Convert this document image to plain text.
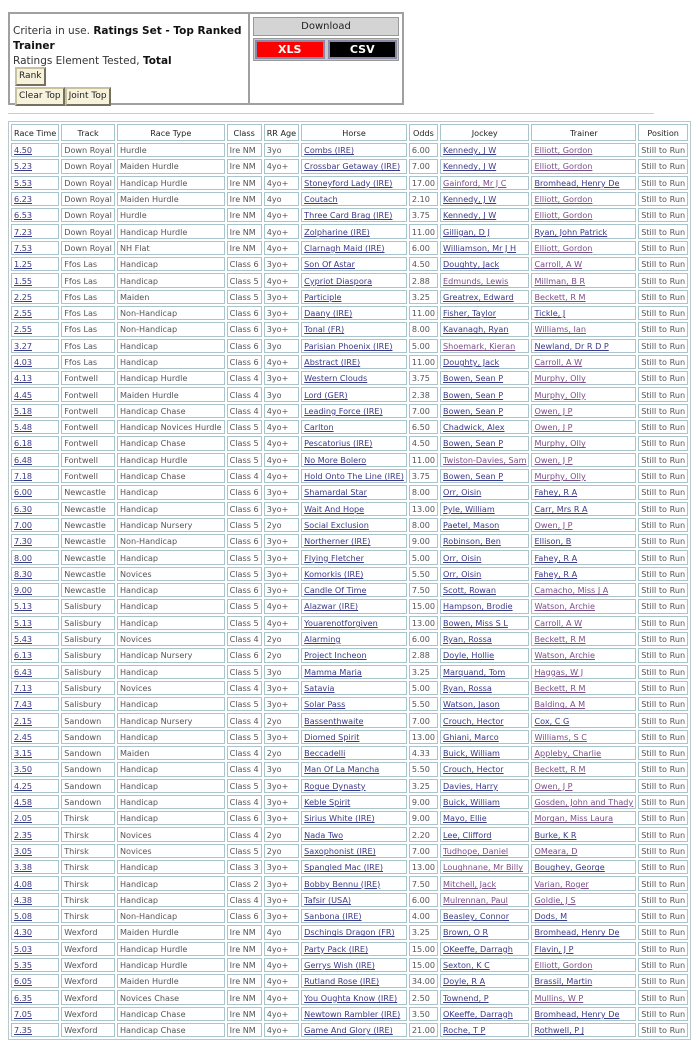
Criteria in use. Ratings Set - Top Ranked Trainer
Ratings Element Tested, Total
Rank
Clear Top Joint Top
Download
XLS	CSV
Race Time	Track	Race Type	Class	RR Age	Horse	Odds	Jockey	Trainer	Position
4.50	Down Royal	Hurdle	Ire NM	3yo	Combs (IRE)	6.00	Kennedy, J W	Elliott, Gordon	Still to Run
5.23	Down Royal	Maiden Hurdle	Ire NM	4yo+	Crossbar Getaway (IRE)	7.00	Kennedy, J W	Elliott, Gordon	Still to Run
5.53	Down Royal	Handicap Hurdle	Ire NM	4yo+	Stoneyford Lady (IRE)	17.00	Gainford, Mr J C	Bromhead, Henry De	Still to Run
6.23	Down Royal	Maiden Hurdle	Ire NM	4yo	Coutach	2.10	Kennedy, J W	Elliott, Gordon	Still to Run
6.53	Down Royal	Hurdle	Ire NM	4yo+	Three Card Brag (IRE)	3.75	Kennedy, J W	Elliott, Gordon	Still to Run
7.23	Down Royal	Handicap Hurdle	Ire NM	4yo+	Zolpharine (IRE)	11.00	Gilligan, D J	Ryan, John Patrick	Still to Run
7.53	Down Royal	NH Flat	Ire NM	4yo+	Clarnagh Maid (IRE)	6.00	Williamson, Mr J H	Elliott, Gordon	Still to Run
1.25	Ffos Las	Handicap	Class 6	3yo+	Son Of Astar	4.50	Doughty, Jack	Carroll, A W	Still to Run
1.55	Ffos Las	Handicap	Class 5	4yo+	Cypriot Diaspora	2.88	Edmunds, Lewis	Millman, B R	Still to Run
2.25	Ffos Las	Maiden	Class 5	3yo+	Participle	3.25	Greatrex, Edward	Beckett, R M	Still to Run
2.55	Ffos Las	Non-Handicap	Class 6	3yo+	Daany (IRE)	11.00	Fisher, Taylor	Tickle, J	Still to Run
2.55	Ffos Las	Non-Handicap	Class 6	3yo+	Tonal (FR)	8.00	Kavanagh, Ryan	Williams, Ian	Still to Run
3.27	Ffos Las	Handicap	Class 6	3yo	Parisian Phoenix (IRE)	5.00	Shoemark, Kieran	Newland, Dr R D P	Still to Run
4.03	Ffos Las	Handicap	Class 6	4yo+	Abstract (IRE)	11.00	Doughty, Jack	Carroll, A W	Still to Run
4.13	Fontwell	Handicap Hurdle	Class 4	3yo+	Western Clouds	3.75	Bowen, Sean P	Murphy, Olly	Still to Run
4.45	Fontwell	Maiden Hurdle	Class 4	3yo	Lord (GER)	2.38	Bowen, Sean P	Murphy, Olly	Still to Run
5.18	Fontwell	Handicap Chase	Class 4	4yo+	Leading Force (IRE)	7.00	Bowen, Sean P	Owen, J P	Still to Run
5.48	Fontwell	Handicap Novices Hurdle	Class 5	4yo+	Carlton	6.50	Chadwick, Alex	Owen, J P	Still to Run
6.18	Fontwell	Handicap Chase	Class 5	4yo+	Pescatorius (IRE)	4.50	Bowen, Sean P	Murphy, Olly	Still to Run
6.48	Fontwell	Handicap Hurdle	Class 5	4yo+	No More Bolero	11.00	Twiston-Davies, Sam	Owen, J P	Still to Run
7.18	Fontwell	Handicap Chase	Class 4	4yo+	Hold Onto The Line (IRE)	3.75	Bowen, Sean P	Murphy, Olly	Still to Run
6.00	Newcastle	Handicap	Class 6	3yo+	Shamardal Star	8.00	Orr, Oisin	Fahey, R A	Still to Run
6.30	Newcastle	Handicap	Class 6	3yo+	Wait And Hope	13.00	Pyle, William	Carr, Mrs R A	Still to Run
7.00	Newcastle	Handicap Nursery	Class 5	2yo	Social Exclusion	8.00	Paetel, Mason	Owen, J P	Still to Run
7.30	Newcastle	Non-Handicap	Class 6	3yo+	Northerner (IRE)	9.00	Robinson, Ben	Ellison, B	Still to Run
8.00	Newcastle	Handicap	Class 5	3yo+	Flying Fletcher	5.00	Orr, Oisin	Fahey, R A	Still to Run
8.30	Newcastle	Novices	Class 5	3yo+	Komorkis (IRE)	5.50	Orr, Oisin	Fahey, R A	Still to Run
9.00	Newcastle	Handicap	Class 6	3yo+	Candle Of Time	7.50	Scott, Rowan	Camacho, Miss J A	Still to Run
5.13	Salisbury	Handicap	Class 5	4yo+	Alazwar (IRE)	15.00	Hampson, Brodie	Watson, Archie	Still to Run
5.13	Salisbury	Handicap	Class 5	4yo+	Youarenotforgiven	13.00	Bowen, Miss S L	Carroll, A W	Still to Run
5.43	Salisbury	Novices	Class 4	2yo	Alarming	6.00	Ryan, Rossa	Beckett, R M	Still to Run
6.13	Salisbury	Handicap Nursery	Class 6	2yo	Project Incheon	2.88	Doyle, Hollie	Watson, Archie	Still to Run
6.43	Salisbury	Handicap	Class 5	3yo	Mamma Maria	3.25	Marquand, Tom	Haggas, W J	Still to Run
7.13	Salisbury	Novices	Class 4	3yo+	Satavia	5.00	Ryan, Rossa	Beckett, R M	Still to Run
7.43	Salisbury	Handicap	Class 5	3yo+	Solar Pass	5.50	Watson, Jason	Balding, A M	Still to Run
2.15	Sandown	Handicap Nursery	Class 4	2yo	Bassenthwaite	7.00	Crouch, Hector	Cox, C G	Still to Run
2.45	Sandown	Handicap	Class 5	3yo+	Diomed Spirit	13.00	Ghiani, Marco	Williams, S C	Still to Run
3.15	Sandown	Maiden	Class 4	2yo	Beccadelli	4.33	Buick, William	Appleby, Charlie	Still to Run
3.50	Sandown	Handicap	Class 4	3yo	Man Of La Mancha	5.50	Crouch, Hector	Beckett, R M	Still to Run
4.25	Sandown	Handicap	Class 5	3yo+	Rogue Dynasty	3.25	Davies, Harry	Owen, J P	Still to Run
4.58	Sandown	Handicap	Class 4	3yo+	Keble Spirit	9.00	Buick, William	Gosden, John and Thady	Still to Run
2.05	Thirsk	Handicap	Class 6	3yo+	Sirius White (IRE)	9.00	Mayo, Ellie	Morgan, Miss Laura	Still to Run
2.35	Thirsk	Novices	Class 4	2yo	Nada Two	2.20	Lee, Clifford	Burke, K R	Still to Run
3.05	Thirsk	Novices	Class 5	2yo	Saxophonist (IRE)	7.00	Tudhope, Daniel	OMeara, D	Still to Run
3.38	Thirsk	Handicap	Class 3	3yo+	Spangled Mac (IRE)	13.00	Loughnane, Mr Billy	Boughey, George	Still to Run
4.08	Thirsk	Handicap	Class 2	3yo+	Bobby Bennu (IRE)	7.50	Mitchell, Jack	Varian, Roger	Still to Run
4.38	Thirsk	Handicap	Class 4	3yo+	Tafsir (USA)	6.00	Mulrennan, Paul	Goldie, J S	Still to Run
5.08	Thirsk	Non-Handicap	Class 6	3yo+	Sanbona (IRE)	4.00	Beasley, Connor	Dods, M	Still to Run
4.30	Wexford	Maiden Hurdle	Ire NM	4yo	Dschingis Dragon (FR)	3.25	Brown, O R	Bromhead, Henry De	Still to Run
5.03	Wexford	Handicap Hurdle	Ire NM	4yo+	Party Pack (IRE)	15.00	OKeeffe, Darragh	Flavin, J P	Still to Run
5.35	Wexford	Handicap Hurdle	Ire NM	4yo+	Gerrys Wish (IRE)	15.00	Sexton, K C	Elliott, Gordon	Still to Run
6.05	Wexford	Maiden Hurdle	Ire NM	4yo+	Rutland Rose (IRE)	34.00	Doyle, R A	Brassil, Martin	Still to Run
6.35	Wexford	Novices Chase	Ire NM	4yo+	You Oughta Know (IRE)	2.50	Townend, P	Mullins, W P	Still to Run
7.05	Wexford	Handicap Chase	Ire NM	4yo+	Newtown Rambler (IRE)	3.50	OKeeffe, Darragh	Bromhead, Henry De	Still to Run
7.35	Wexford	Handicap Chase	Ire NM	4yo+	Game And Glory (IRE)	21.00	Roche, T P	Rothwell, P J	Still to Run
